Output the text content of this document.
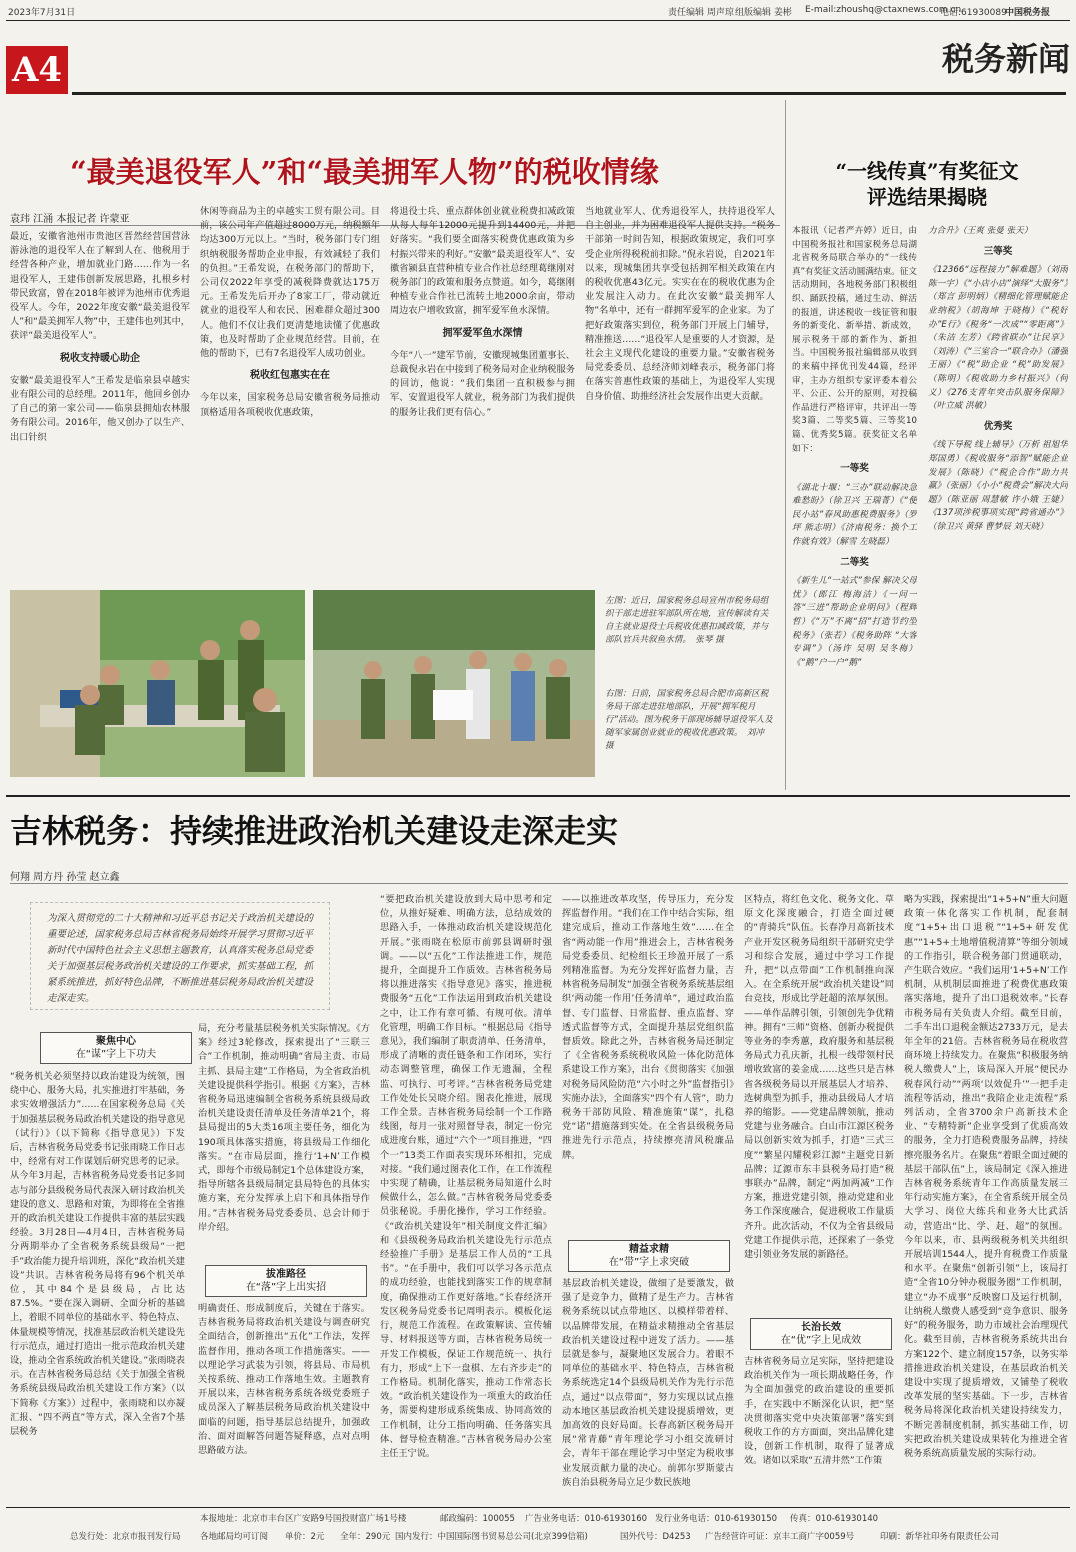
2023年7月31日	责任编辑 周声琼 组版编辑 姜彬 E-mail:zhoushq@ctaxnews.com.cn
电话:61930089
中国税务报
A4	税务新闻
“最美退役军人”和“最美拥军人物”的税收情缘
袁玮 江涌 本报记者 许蒙亚
最近，安徽省池州市贵池区晋然经营国营泳游泳池的退役军人在了解到人在、他税用于经营各种产业，增加就业门路……作为一名退役军人，王建伟创新发展思路，扎根乡村带民致富，曾在2018年被评为池州市优秀退役军人。今年，2022年度安徽“最美退役军人”和“最美拥军人物”中，王建伟也列其中，获评“最美退役军人”。
税收支持暖心助企
安徽“最美退役军人”王希发是临泉县卓越实业有限公司的总经理。2011年，他回乡创办了自己的第一家公司——临泉县拥灿农林服务有限公司。2016年，他又创办了以生产、出口针织
休闲等商品为主的卓越实工贸有限公司。目前，该公司年产值超过8000万元，纳税额年均达300万元以上。“当时，税务部门专门组织纳税服务帮助企业申报，有效减轻了我们的负担。”王希发说，在税务部门的帮助下，公司仅2022年享受的减税降费就达175万元。王希发先后开办了8家工厂，带动就近就业的退役军人和农民、困难群众超过300人。他们不仅让我们更清楚地读懂了优惠政策，也及时帮助了企业规范经营。目前，在他的帮助下，已有7名退役军人成功创业。
税收红包惠实在在
今年以来，国家税务总局安徽省税务局推动顶格适用各项税收优惠政策，
将退役士兵、重点群体创业就业税费扣减政策从每人每年12000元提升到14400元，并把好落实。“我们要全面落实税费优惠政策为乡村振兴带来的利好。”安徽“最美退役军人”、安徽省颍县直营种植专业合作社总经理葛继刚对税务部门的政策和服务点赞道。如今，葛继刚种植专业合作社已流转土地2000余亩，带动周边农户增收致富，拥军爱军鱼水深情。
拥军爱军鱼水深情
今年“八一”建军节前，安徽现城集团董事长、总裁倪永岩在中接到了税务局对企业纳税服务的回访，他说：“我们集团一直积极参与拥军、安置退役军人就业，税务部门为我们提供的服务让我们更有信心。”
当地就业军人、优秀退役军人，扶持退役军人自主创业，并为困难退役军人提供支持。“税务干部第一时间告知，根据政策规定，我们可享受企业所得税税前扣除。”倪永岩说，自2021年以来，现城集团共享受包括拥军相关政策在内的税收优惠43亿元。实实在在的税收优惠为企业发展注入动力。在此次安徽“最美拥军人物”名单中，还有一群拥军爱军的企业家。为了把好政策落实到位，税务部门开展上门辅导，精准推送……“退役军人是重要的人才资源，是社会主义现代化建设的重要力量。”安徽省税务局党委委员、总经济师刘峰表示，税务部门将在落实普惠性政策的基础上，为退役军人实现自身价值、助推经济社会发展作出更大贡献。
左图：近日，国家税务总局宣州市税务局组织干部走进驻军部队所在地，宣传解读有关自主就业退役士兵税收优惠扣减政策，并与部队官兵共叙鱼水情。　张琴 摄
右图：日前，国家税务总局合肥市高新区税务局干部走进驻地部队，开展“拥军税月行”活动。图为税务干部现场辅导退役军人及随军家属创业就业的税收优惠政策。　刘冲 摄
“一线传真”有奖征文
评选结果揭晓
本报讯（记者严卉婷）近日，由中国税务报社和国家税务总局湖北省税务局联合举办的“一线传真”有奖征文活动圆满结束。征文活动期间，各地税务部门积极组织、踊跃投稿，通过生动、鲜活的报道，讲述税收一线征管和服务的新变化、新举措、新成效，展示税务干部的新作为、新担当。中国税务报社编辑部从收到的来稿中择优刊发44篇，经评审，主办方组织专家评委本着公平、公正、公开的原则，对投稿作品进行严格评审，共评出一等奖3篇、二等奖5篇、三等奖10篇、优秀奖5篇。获奖征文名单如下：
一等奖
《湖北十堰：“三办”联动解决急难愁盼》（徐卫兴 王瑞菁）《“便民小站”春风助惠税费服务》（罗坪 熊志明）《济南税务：换个工作就有效》（解雪 左晓磊）
二等奖
《新生儿“一站式”参保 解决父母忧》（郎江 梅海洁）《一问一答“三进”帮助企业明问》（程辉哲）《“万”不离“招”打造节约型税务》（张若）《税务助阵 “大客专调”》（汤许 吴明 吴冬梅）《“鹅”户一户“鹅”
力合升》（王爽 张曼 张天）
三等奖
《12366“远程接力”解难题》（刘雨 陈一宇）《“小店小店”演绎“大服务”》（郑言 彭明炳）《精细化管理赋能企业纳税》（胡海坤 于晓梅）《“税好办”E行》《税务“一次成”“零距离”》（朱洁 左芳）《跨省联办”让民享》（刘涛）《“三室合一”联合办》（潘强 王丽）《“税”助企业 “税”助发展》（陈明）《税收助力乡村振兴》（何义）《276支青年突击队服务保障》（叶立威 洪敏）
优秀奖
《线下导税 线上辅导》（万析 祖旭华 郑国勇）《税收服务“添智”赋能企业发展》（陈晓）《“税企合作”助力共赢》（张丽）《小小“税费会”解决大问题》（陈亚丽 周慧敏 许小娥 王婕）《137项涉税事项实现“跨省通办”》（徐卫兴 黄驿 曹梦辰 刘天晓）
吉林税务：持续推进政治机关建设走深走实
何翔 周方丹 孙莹 赵立鑫
为深入贯彻党的二十大精神和习近平总书记关于政治机关建设的重要论述，国家税务总局吉林省税务局始终开展学习贯彻习近平新时代中国特色社会主义思想主题教育，认真落实税务总局党委关于加强基层税务政治机关建设的工作要求，抓实基础工程，抓紧系统推进，抓好特色品牌，不断推进基层税务局政治机关建设走深走实。
聚焦中心
在“谋”字上下功夫
“税务机关必须坚持以政治建设为统领，围绕中心、服务大局，扎实推进打牢基础，务求实效增强活力”……在国家税务总局《关于加强基层税务局政治机关建设的指导意见（试行）》（以下简称《指导意见》）下发后，吉林省税务局党委书记张雨晓工作日志中，经常有对工作谋划后研究思考的记录。从今年3月起，吉林省税务局党委书记多同志与部分县级税务局代表深入研讨政治机关建设的意义、思路和对策，为即将在全省推开的政治机关建设工作提供丰富的基层实践经验。3月28日—4月4日，吉林省税务局分两期举办了全省税务系统县级局“一把手”政治能力提升培训班，深化“政治机关建设”共识。吉林省税务局将有96个机关单位，其中84个是县级局，占比达87.5%。“要在深入调研、全面分析的基础上，着眼不同单位的基础水平、特色特点、体量规模等情况，找准基层政治机关建设先行示范点，通过打造出一批示范政治机关建设，推动全省系统政治机关建设。”张雨晓表示。在吉林省税务局总结《关于加强全省税务系统县级局政治机关建设工作方案》（以下简称《方案》）过程中，张雨晓和以亦凝汇报、“四不两直”等方式，深入全省7个基层税务
局，充分考量基层税务机关实际情况。《方案》经过3轮修改，探索提出了“三联三合”工作机制，推动明确“省局主责、市局主抓、县局主建”工作格局，为全省政治机关建设提供科学指引。根据《方案》，吉林省税务局迅速编制全省税务系统县级局政治机关建设责任清单及任务清单21个，将县局提出的5大类16项主要任务，细化为190项具体落实措施，将县级局工作细化落实。“在市局层面，推行‘1+N’工作模式，即每个市级局制定1个总体建设方案，指导所辖各县级局制定县局特色的具体实施方案，充分发挥承上启下和具体指导作用。”吉林省税务局党委委员、总会计师于岸介绍。
拔准路径
在“落”字上出实招
明确责任、形成制度后，关键在于落实。吉林省税务局将政治机关建设与调查研究全面结合，创新推出“五化”工作法，发挥监督作用，推动各项工作措施落实。——以理论学习武装为引领，将县局、市局机关按系统、推动工作落地生效。主题教育开展以来，吉林省税务系统各级党委班子成员深入了解基层税务局政治机关建设中面临的问题，指导基层总结提升，加强政治、面对面解答问题答疑释惑，点对点明思路破方法。
“要把政治机关建设放到大局中思考和定位，从推好疑难、明确方法，总结成效的思路入手，一体推动政治机关建设规范化开展。”张雨晓在松原市前郭县调研时强调。——以“五化”工作法推进工作，规范提升，全面提升工作质效。吉林省税务局将以推进落实《指导意见》落实，推进税费服务“五化”工作法运用到政治机关建设之中，让工作有章可循、有规可依。清单化管理，明确工作目标。“根据总局《指导意见》，我们编制了职责清单、任务清单，形成了清晰的责任链条和工作闭环，实行动态调整管理，确保工作无遗漏，全程监、可执行、可考评。”吉林省税务局党建工作处处长吴晓介绍。图表化推进，展现工作全景。吉林省税务局绘制一个工作路线图，每月一张对照督导表，制定一份完成进度台账，通过“六个一”项目推进，“四个一”13类工作面表实现环环相扣，完成对接。“我们通过图表化工作，在工作流程中实现了精确，让基层税务局知道什么时候做什么，怎么做。”吉林省税务局党委委员张秘说。手册化操作，学习工作经验。《“政治机关建设年”相关制度文件汇编》和《县级税务局政治机关建设先行示范点经验推广手册》是基层工作人员的“工具书”。“在手册中，我们可以学习各示范点的成功经验，也能找到落实工作的规章制度，确保推动工作更好落地。”长春经济开发区税务局党委书记周明表示。模板化运行，规范工作流程。在政策解读、宣传辅导、材料报送等方面，吉林省税务局统一开发工作模板，保证工作规范统一、执行有力，形成“上下一盘棋、左右齐步走”的工作格局。机制化落实，推动工作常态长效。“政治机关建设作为一项重大的政治任务，需要构建形成系统集成、协同高效的工作机制，让分工指向明确、任务落实具体、督导检查精准。”吉林省税务局办公室主任王宁说。
——以推进改革攻坚，传导压力，充分发挥监督作用。“我们在工作中结合实际，组建完成后，推动工作落地生效”……在全省“两动能一作用”推进会上，吉林省税务局党委委员、纪检组长王珍盈开展了一系列精准监督。为充分发挥好监督力量，吉林省税务局制发“加强全省税务系统基层组织‘两动能一作用’任务清单”，通过政治监督、专门监督、日常监督、重点监督、穿透式监督等方式，全面提升基层党组织监督质效。除此之外，吉林省税务局还制定了《全省税务系统税收风险一体化防范体系建设工作方案》，出台《贯彻落实《加强对税务局风险防范“六小时之外”监督指引》实施办法》，全面落实“四个有人管”，助力税务干部防风险、精准施策“谋”，扎稳党“诺”措施落到实处。在全省县级税务局推进先行示范点，持续擦亮清风税廉品牌。
精益求精
在“带”字上求突破
基层政治机关建设，做细了是要激发，做强了是竞争力，做精了是生产力。吉林省税务系统以试点带地区、以模样带着样、以品牌带发展，在精益求精推动全省基层政治机关建设过程中迸发了活力。——基层就是参与，凝聚地区发展合力。着眼不同单位的基础水平、特色特点，吉林省税务系统选定14个县级局机关作为先行示范点，通过“以点带面”，努力实现以试点推动本地区基层政治机关建设提质增效，更加高效的良好局面。长春高新区税务局开展“常青藤”青年理论学习小组交流研讨会，青年干部在理论学习中坚定为税收事业发展贡献力量的决心。前郭尔罗斯蒙古族自治县税务局立足少数民族地
区特点，将红色文化、税务文化、草原文化深度融合，打造全面过硬的“青骑兵”队伍。长春净月高新技术产业开发区税务局组织干部研究史学习和综合发展，通过中学习工作提升，把“以点带面”工作机制推向深入。在全系统开展“政治机关建设”同台竞技，形成比学赶超的浓厚氛围。——单作品牌引领，引领创先争优精神。拥有“三师”资格、创新办税提供等业务的李秀蕙，政府服务和基层税务局式力孔庆新，扎根一线带领村民增收致富的姜金成……这些只是吉林省各级税务局以开展基层人才培养、选树典型为抓手，推动县级局人才培养的缩影。——党建品牌领航，推动党建与业务融合。白山市江源区税务局以创新实效为抓手，打造“三式三度”“繁星闪耀税彩江源”主题党日新品牌；辽源市东丰县税务局打造“税事联办”品牌，制定“两加两减”工作方案，推进党建引领，推动党建和业务工作深度融合，促进税收工作量质齐升。此次活动，不仅为全省县级局党建工作提供示范，还探索了一条党建引领业务发展的新路径。
长治长效
在“优”字上见成效
吉林省税务局立足实际，坚持把建设政治机关作为一项长期战略任务，作为全面加强党的政治建设的重要抓手，在实践中不断深化认识，把“坚决贯彻落实党中央决策部署”落实到税收工作的方方面面，突出品牌化建设，创新工作机制，取得了显著成效。诸如以采取“五清井然”工作策
略为实践，探索提出“1+5+N”重大问题政策一体化落实工作机制，配套制度“1+5+出口退税”“1+5+研发优惠”“1+5+土地增值税清算”等细分领域的工作指引，联合税务部门贯通联动，产生联合效应。“我们运用‘1+5+N’工作机制，从机制层面推进了税费优惠政策落实落地，提升了出口退税效率。”长春市税务局有关负责人介绍。截至目前，二手车出口退税金额达2733万元，是去年全年的21倍。吉林省税务局在税收营商环境上持续发力。在聚焦“积极服务纳税人缴费人”上，该局深入开展“便民办税春风行动”“两项‘以效促升’”一把手走流程等活动，推出“我陪企业走流程”系列活动，全省3700余户高新技术企业、“专精特新”企业享受到了优质高效的服务，全力打造税费服务品牌，持续擦亮服务名片。在聚焦“着眼全面过硬的基层干部队伍”上，该局制定《深入推进吉林省税务系统青年工作高质量发展三年行动实施方案》，在全省系统开展全员大学习、岗位大练兵和业务大比武活动，营造出“比、学、赶、超”的氛围。今年以来，市、县两级税务机关共组织开展培训1544人，提升育税费工作质量和水平。在聚焦“创新引领”上，该局打造“全省10分钟办税服务圈”工作机制，建立“办不成事”反映窗口及运行机制，让纳税人缴费人感受到“竞争意识、服务好”的税务服务，助力市域社会治理现代化。截至目前，吉林省税务系统共出台方案122个、建立制度157条，以务实举措推进政治机关建设，在基层政治机关建设中实现了提质增效，又铺垫了税收改革发展的坚实基础。下一步，吉林省税务局将深化政治机关建设持续发力，不断完善制度机制，抓实基础工作，切实把政治机关建设成果转化为推进全省税务系统高质量发展的实际行动。
本报地址：北京市丰台区广安路9号国投财富广场1号楼	邮政编码：100055 广告业务电话：010-61930160 发行业务电话：010-61930150 传真：010-61930140
总发行处：北京市报刊发行局 各地邮局均可订阅 单价：2元 全年：290元 国内发行：中国国际图书贸易总公司(北京399信箱)	国外代号：D4253 广告经营许可证：京丰工商广字0059号	印刷：新华社印务有限责任公司
